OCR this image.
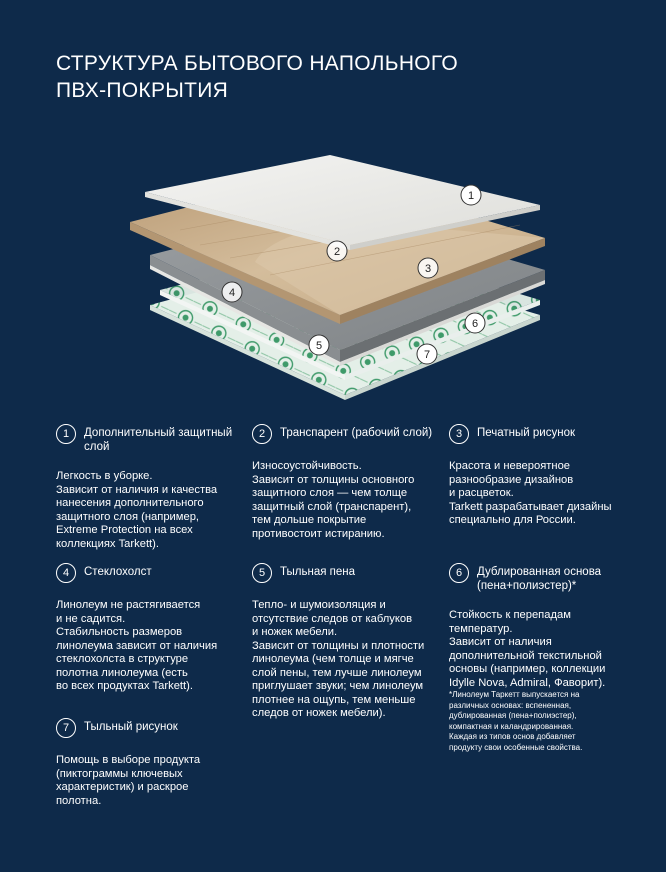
СТРУКТУРА БЫТОВОГО НАПОЛЬНОГО
ПВХ-ПОКРЫТИЯ
1
2
3
4
5
6
7
1	Дополнительный защитный слой
Легкость в уборке.
Зависит от наличия и качества
нанесения дополнительного
защитного слоя (например,
Extreme Protection на всех
коллекциях Tarkett).
2	Транспарент (рабочий слой)
Износоустойчивость.
Зависит от толщины основного
защитного слоя — чем толще
защитный слой (транспарент),
тем дольше покрытие
противостоит истиранию.
3	Печатный рисунок
Красота и невероятное
разнообразие дизайнов
и расцветок.
Tarkett разрабатывает дизайны
специально для России.
4	Стеклохолст
Линолеум не растягивается
и не садится.
Стабильность размеров
линолеума зависит от наличия
стеклохолста в структуре
полотна линолеума (есть
во всех продуктах Tarkett).
5	Тыльная пена
Тепло- и шумоизоляция и
отсутствие следов от каблуков
и ножек мебели.
Зависит от толщины и плотности
линолеума (чем толще и мягче
слой пены, тем лучше линолеум
приглушает звуки; чем линолеум
плотнее на ощупь, тем меньше
следов от ножек мебели).
6	Дублированная основа (пена+полиэстер)*
Стойкость к перепадам
температур.
Зависит от наличия
дополнительной текстильной
основы (например, коллекции
Idylle Nova, Admiral, Фаворит).
7	Тыльный рисунок
Помощь в выборе продукта
(пиктограммы ключевых
характеристик) и раскрое
полотна.
*Линолеум Таркетт выпускается на
различных основах: вспененная,
дублированная (пена+полиэстер),
компактная и каландрированная.
Каждая из типов основ добавляет
продукту свои особенные свойства.
